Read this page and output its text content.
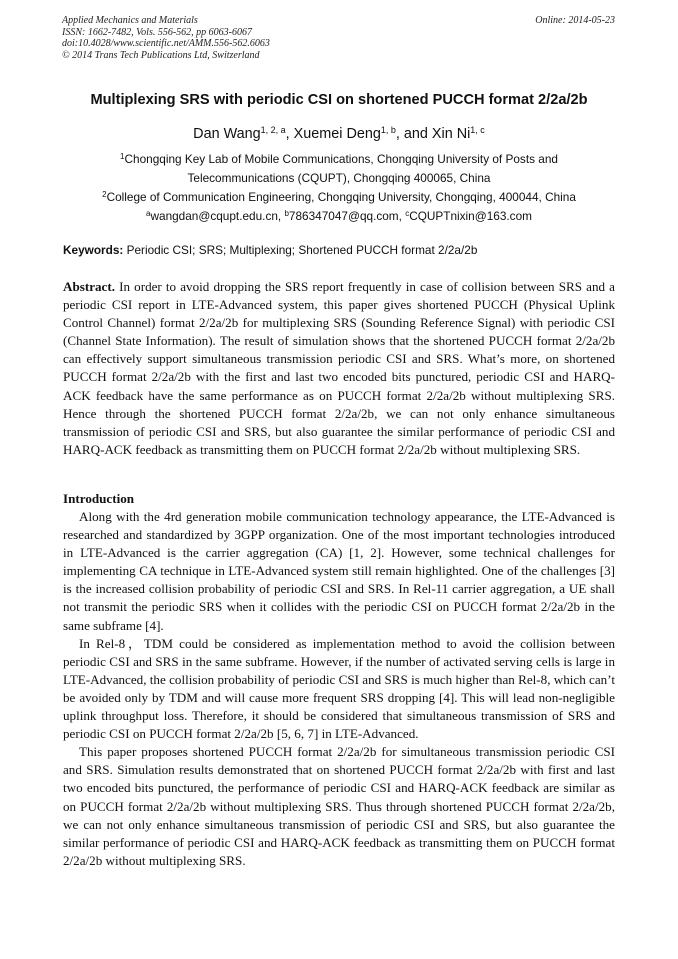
Applied Mechanics and Materials
ISSN: 1662-7482, Vols. 556-562, pp 6063-6067
doi:10.4028/www.scientific.net/AMM.556-562.6063
© 2014 Trans Tech Publications Ltd, Switzerland
Online: 2014-05-23
Multiplexing SRS with periodic CSI on shortened PUCCH format 2/2a/2b
Dan Wang$^{1, 2, a}$, Xuemei Deng$^{1, b}$, and Xin Ni$^{1, c}$
$^1$Chongqing Key Lab of Mobile Communications, Chongqing University of Posts and
Telecommunications (CQUPT), Chongqing 400065, China
$^2$College of Communication Engineering, Chongqing University, Chongqing, 400044, China
$^a$wangdan@cqupt.edu.cn, $^b$786347047@qq.com, $^c$CQUPTnixin@163.com
Keywords: Periodic CSI; SRS; Multiplexing; Shortened PUCCH format 2/2a/2b

Abstract. In order to avoid dropping the SRS report frequently in case of collision between SRS and a periodic CSI report in LTE-Advanced system, this paper gives shortened PUCCH (Physical Uplink Control Channel) format 2/2a/2b for multiplexing SRS (Sounding Reference Signal) with periodic CSI (Channel State Information). The result of simulation shows that the shortened PUCCH format 2/2a/2b can effectively support simultaneous transmission periodic CSI and SRS. What’s more, on shortened PUCCH format 2/2a/2b with the first and last two encoded bits punctured, periodic CSI and HARQ-ACK feedback have the same performance as on PUCCH format 2/2a/2b without multiplexing SRS. Hence through the shortened PUCCH format 2/2a/2b, we can not only enhance simultaneous transmission of periodic CSI and SRS, but also guarantee the similar performance of periodic CSI and HARQ-ACK feedback as transmitting them on PUCCH format 2/2a/2b without multiplexing SRS.

Introduction

Along with the 4rd generation mobile communication technology appearance, the LTE-Advanced is researched and standardized by 3GPP organization. One of the most important technologies introduced in LTE-Advanced is the carrier aggregation (CA) [1, 2]. However, some technical challenges for implementing CA technique in LTE-Advanced system still remain highlighted. One of the challenges [3] is the increased collision probability of periodic CSI and SRS. In Rel-11 carrier aggregation, a UE shall not transmit the periodic SRS when it collides with the periodic CSI on PUCCH format 2/2a/2b in the same subframe [4].

In Rel-8，TDM could be considered as implementation method to avoid the collision between periodic CSI and SRS in the same subframe. However, if the number of activated serving cells is large in LTE-Advanced, the collision probability of periodic CSI and SRS is much higher than Rel-8, which can’t be avoided only by TDM and will cause more frequent SRS dropping [4]. This will lead non-negligible uplink throughput loss. Therefore, it should be considered that simultaneous transmission of SRS and periodic CSI on PUCCH format 2/2a/2b [5, 6, 7] in LTE-Advanced.

This paper proposes shortened PUCCH format 2/2a/2b for simultaneous transmission periodic CSI and SRS. Simulation results demonstrated that on shortened PUCCH format 2/2a/2b with first and last two encoded bits punctured, the performance of periodic CSI and HARQ-ACK feedback are similar as on PUCCH format 2/2a/2b without multiplexing SRS. Thus through shortened PUCCH format 2/2a/2b, we can not only enhance simultaneous transmission of periodic CSI and SRS, but also guarantee the similar performance of periodic CSI and HARQ-ACK feedback as transmitting them on PUCCH format 2/2a/2b without multiplexing SRS.
